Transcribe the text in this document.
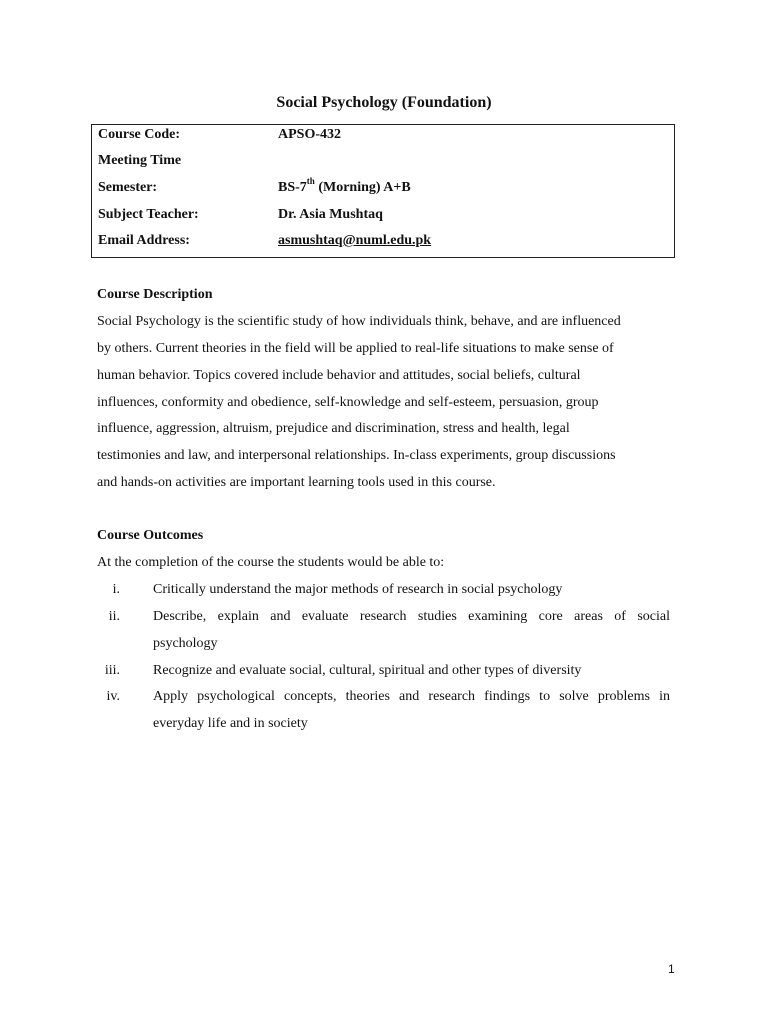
Social Psychology (Foundation)
Course Code:	APSO-432
Meeting Time
Semester:	BS-7th (Morning) A+B
Subject Teacher:	Dr. Asia Mushtaq
Email Address:	asmushtaq@numl.edu.pk
Course Description
Social Psychology is the scientific study of how individuals think, behave, and are influenced
by others. Current theories in the field will be applied to real-life situations to make sense of
human behavior. Topics covered include behavior and attitudes, social beliefs, cultural
influences, conformity and obedience, self-knowledge and self-esteem, persuasion, group
influence, aggression, altruism, prejudice and discrimination, stress and health, legal
testimonies and law, and interpersonal relationships. In-class experiments, group discussions
and hands-on activities are important learning tools used in this course.
Course Outcomes
At the completion of the course the students would be able to:
i. Critically understand the major methods of research in social psychology
ii. Describe, explain and evaluate research studies examining core areas of social
psychology
iii. Recognize and evaluate social, cultural, spiritual and other types of diversity
iv. Apply psychological concepts, theories and research findings to solve problems in
everyday life and in society
1
